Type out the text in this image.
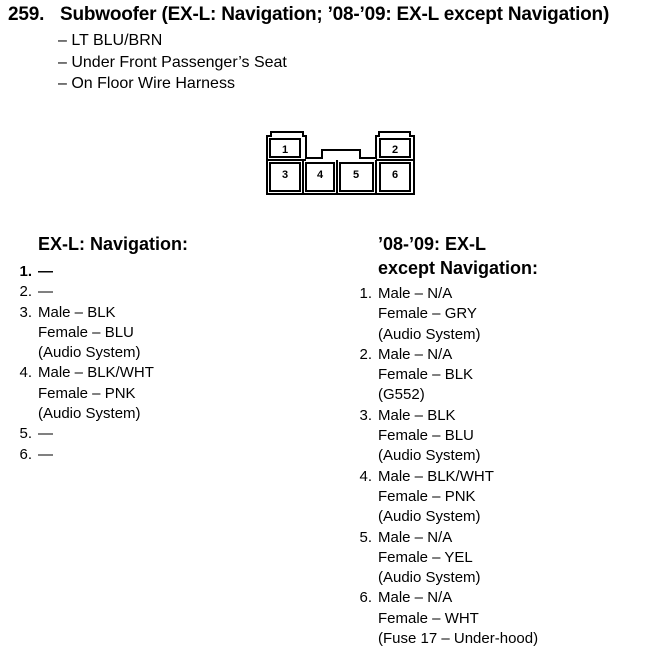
259. Subwoofer (EX-L: Navigation; ’08-’09: EX-L except Navigation)
– LT BLU/BRN
– Under Front Passenger’s Seat
– On Floor Wire Harness
1	2
3	4	5	6
EX-L: Navigation:
1. —
2. —
3. Male – BLK
Female – BLU
(Audio System)
4. Male – BLK/WHT
Female – PNK
(Audio System)
5. —
6. —
’08-’09: EX-L
except Navigation:
1. Male – N/A
Female – GRY
(Audio System)
2. Male – N/A
Female – BLK
(G552)
3. Male – BLK
Female – BLU
(Audio System)
4. Male – BLK/WHT
Female – PNK
(Audio System)
5. Male – N/A
Female – YEL
(Audio System)
6. Male – N/A
Female – WHT
(Fuse 17 – Under-hood)
